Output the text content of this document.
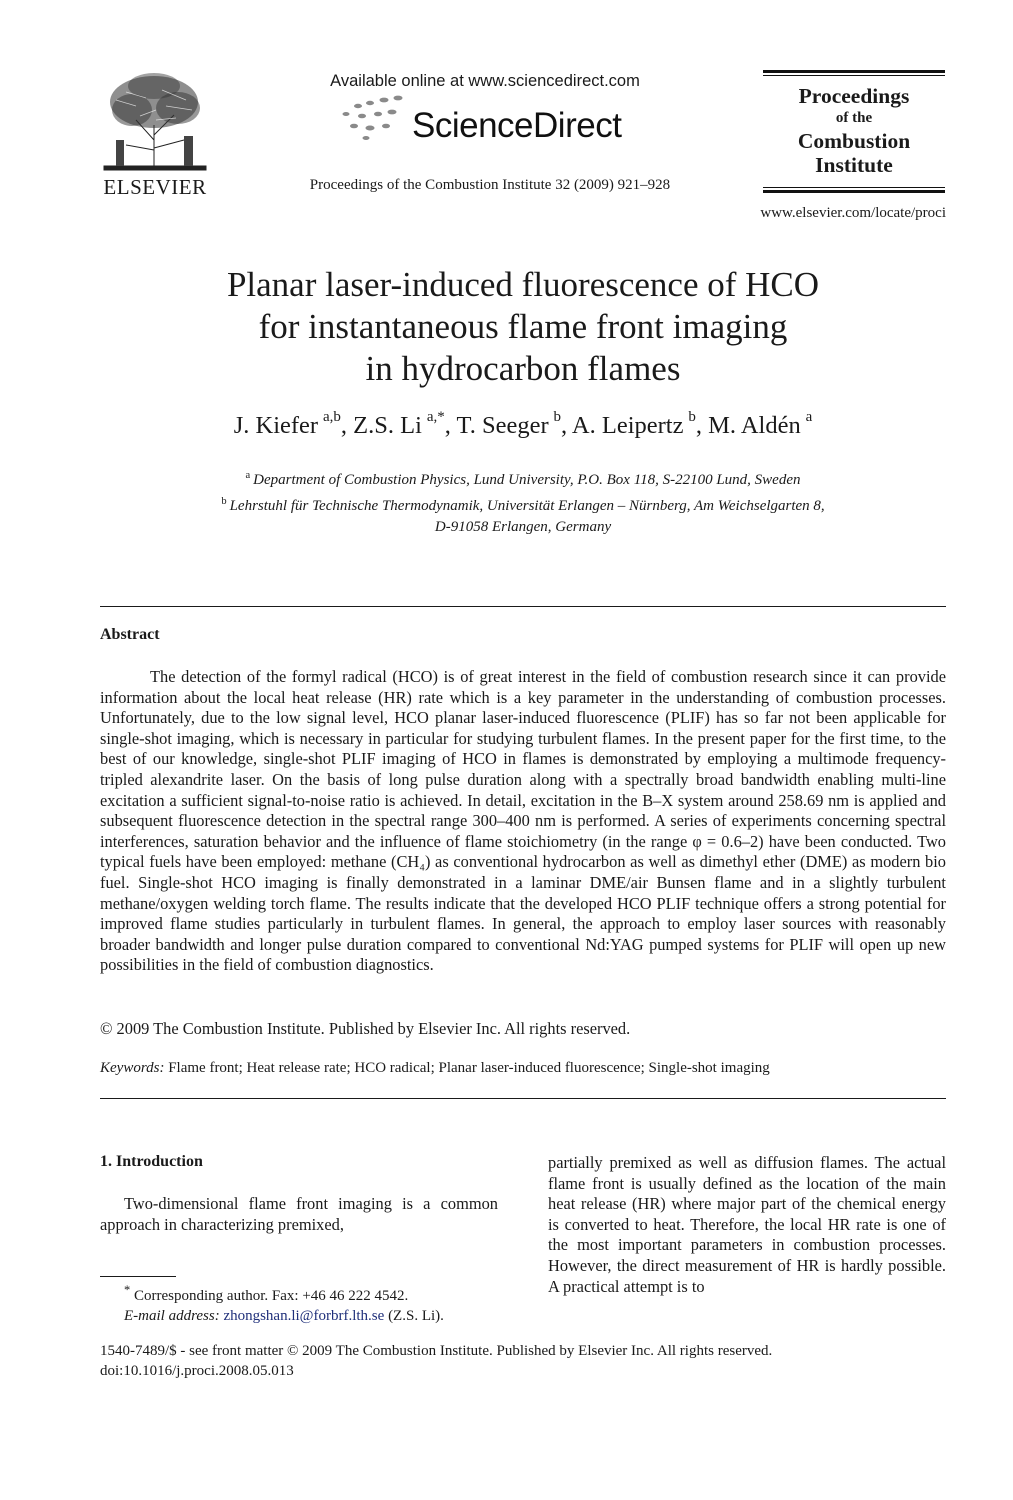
ELSEVIER
Available online at www.sciencedirect.com
ScienceDirect
Proceedings of the Combustion Institute 32 (2009) 921–928
Proceedings
of the
Combustion
Institute
www.elsevier.com/locate/proci
Planar laser-induced fluorescence of HCO
for instantaneous flame front imaging
in hydrocarbon flames
J. Kiefer  $^{a,b}$, Z.S. Li  $^{a,*}$, T. Seeger  $^b$, A. Leipertz  $^b$, M. Aldén  $^a$
$^a$  Department of Combustion Physics, Lund University, P.O. Box 118, S-22100 Lund, Sweden
$^b$  Lehrstuhl für Technische Thermodynamik, Universität Erlangen – Nürnberg, Am Weichselgarten 8,
D-91058 Erlangen, Germany
Abstract

The detection of the formyl radical (HCO) is of great interest in the field of combustion research since it can provide information about the local heat release (HR) rate which is a key parameter in the understanding of combustion processes. Unfortunately, due to the low signal level, HCO planar laser-induced fluorescence (PLIF) has so far not been applicable for single-shot imaging, which is necessary in particular for studying turbulent flames. In the present paper for the first time, to the best of our knowledge, single-shot PLIF imaging of HCO in flames is demonstrated by employing a multimode frequency-tripled alexandrite laser. On the basis of long pulse duration along with a spectrally broad bandwidth enabling multi-line excitation a sufficient signal-to-noise ratio is achieved. In detail, excitation in the B–X system around 258.69 nm is applied and subsequent fluorescence detection in the spectral range 300–400 nm is performed. A series of experiments concerning spectral interferences, saturation behavior and the influence of flame stoichiometry (in the range φ = 0.6–2) have been conducted. Two typical fuels have been employed: methane (CH₄) as conventional hydrocarbon as well as dimethyl ether (DME) as modern bio fuel. Single-shot HCO imaging is finally demonstrated in a laminar DME/air Bunsen flame and in a slightly turbulent methane/oxygen welding torch flame. The results indicate that the developed HCO PLIF technique offers a strong potential for improved flame studies particularly in turbulent flames. In general, the approach to employ laser sources with reasonably broader bandwidth and longer pulse duration compared to conventional Nd:YAG pumped systems for PLIF will open up new possibilities in the field of combustion diagnostics.

© 2009 The Combustion Institute. Published by Elsevier Inc. All rights reserved.
Keywords: Flame front; Heat release rate; HCO radical; Planar laser-induced fluorescence; Single-shot imaging
1. Introduction

Two-dimensional flame front imaging is a common approach in characterizing premixed,

partially premixed as well as diffusion flames. The actual flame front is usually defined as the location of the main heat release (HR) where major part of the chemical energy is converted to heat. Therefore, the local HR rate is one of the most important parameters in combustion processes. However, the direct measurement of HR is hardly possible. A practical attempt is to

* Corresponding author. Fax: +46 46 222 4542.
E-mail address: zhongshan.li@forbrf.lth.se (Z.S. Li).
1540-7489/$ - see front matter © 2009 The Combustion Institute. Published by Elsevier Inc. All rights reserved.
doi:10.1016/j.proci.2008.05.013
